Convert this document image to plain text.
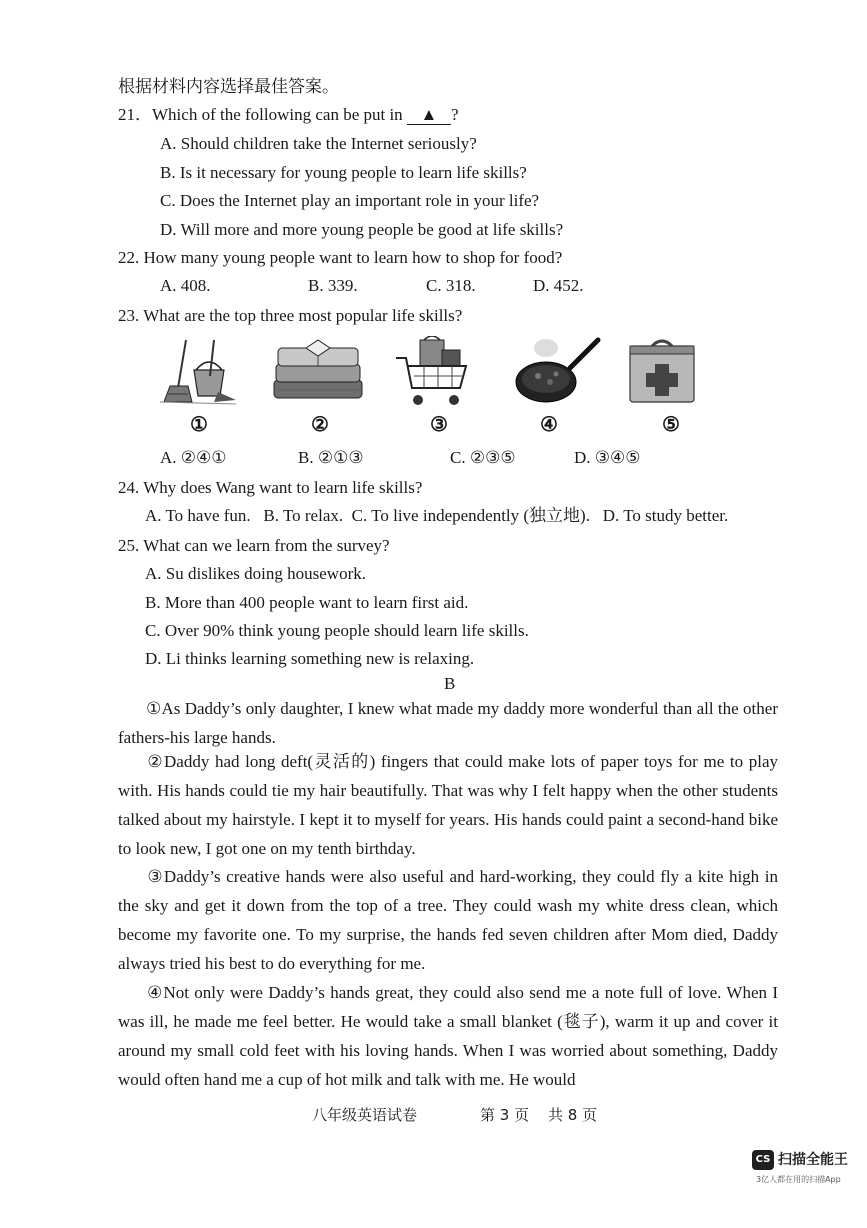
根据材料内容选择最佳答案。
21．Which of the following can be put in ▲ ?
A. Should children take the Internet seriously?
B. Is it necessary for young people to learn life skills?
C. Does the Internet play an important role in your life?
D. Will more and more young people be good at life skills?
22. How many young people want to learn how to shop for food?
A. 408.	B. 339.	C. 318.	D. 452.
23. What are the top three most popular life skills?
①	②	③	④	⑤
A. ②④①	B. ②①③	C. ②③⑤	D. ③④⑤
24. Why does Wang want to learn life skills?
A. To have fun.   B. To relax.  C. To live independently (独立地).   D. To study better.
25. What can we learn from the survey?
A. Su dislikes doing housework.
B. More than 400 people want to learn first aid.
C. Over 90% think young people should learn life skills.
D. Li thinks learning something new is relaxing.
B
①As Daddy’s only daughter, I knew what made my daddy more wonderful than all the other fathers-his large hands.
②Daddy had long deft(灵活的) fingers that could make lots of paper toys for me to play with. His hands could tie my hair beautifully. That was why I felt happy when the other students talked about my hairstyle. I kept it to myself for years. His hands could paint a second-hand bike to look new, I got one on my tenth birthday.
③Daddy’s creative hands were also useful and hard-working, they could fly a kite high in the sky and get it down from the top of a tree. They could wash my white dress clean, which become my favorite one. To my surprise, the hands fed seven children after Mom died, Daddy always tried his best to do everything for me.
④Not only were Daddy’s hands great, they could also send me a note full of love. When I was ill, he made me feel better. He would take a small blanket (毯子), warm it up and cover it around my small cold feet with his loving hands. When I was worried about something, Daddy would often hand me a cup of hot milk and talk with me. He would
八年级英语试卷	第 3 页 共 8 页
CS 扫描全能王
3亿人都在用的扫描App
